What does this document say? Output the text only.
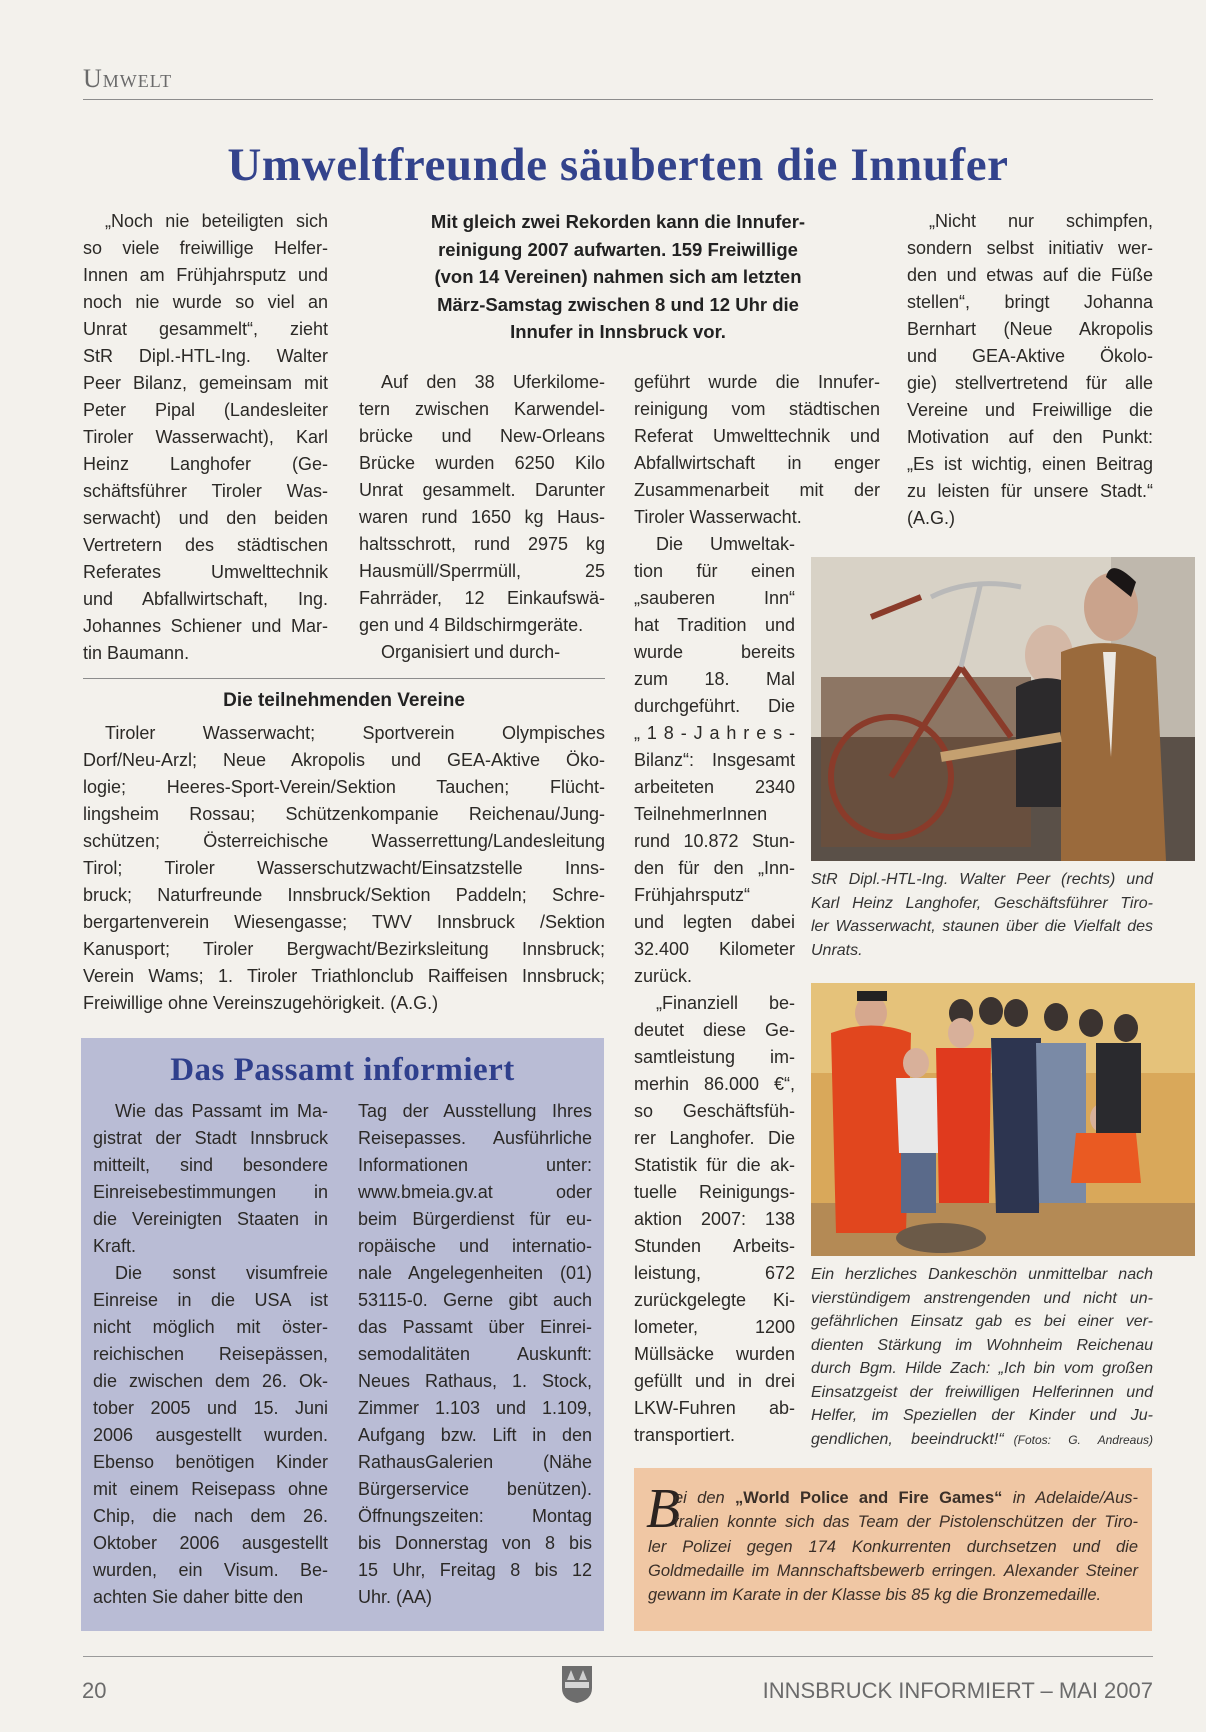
Umwelt
Umweltfreunde säuberten die Innufer
Mit gleich zwei Rekorden kann die Innufer-
reinigung 2007 aufwarten. 159 Freiwillige
(von 14 Vereinen) nahmen sich am letzten
März-Samstag zwischen 8 und 12 Uhr die
Innufer in Innsbruck vor.
„Noch nie beteiligten sich
so viele freiwillige Helfer-
Innen am Frühjahrsputz und
noch nie wurde so viel an
Unrat gesammelt“, zieht
StR Dipl.-HTL-Ing. Walter
Peer Bilanz, gemeinsam mit
Peter Pipal (Landesleiter
Tiroler Wasserwacht), Karl
Heinz Langhofer (Ge-
schäftsführer Tiroler Was-
serwacht) und den beiden
Vertretern des städtischen
Referates Umwelttechnik
und Abfallwirtschaft, Ing.
Johannes Schiener und Mar-
tin Baumann.
Auf den 38 Uferkilome-
tern zwischen Karwendel-
brücke und New-Orleans
Brücke wurden 6250 Kilo
Unrat gesammelt. Darunter
waren rund 1650 kg Haus-
haltsschrott, rund 2975 kg
Hausmüll/Sperrmüll, 25
Fahrräder, 12 Einkaufswä-
gen und 4 Bildschirmgeräte.
Organisiert und durch-
geführt wurde die Innufer-
reinigung vom städtischen
Referat Umwelttechnik und
Abfallwirtschaft in enger
Zusammenarbeit mit der
Tiroler Wasserwacht.
Die Umweltak-
tion für einen
„sauberen Inn“
hat Tradition und
wurde bereits
zum 18. Mal
durchgeführt. Die
„ 1 8 - J a h r e s -
Bilanz“: Insgesamt
arbeiteten 2340
TeilnehmerInnen
rund 10.872 Stun-
den für den „Inn-
Frühjahrsputz“
und legten dabei
32.400 Kilometer
zurück.
„Finanziell be-
deutet diese Ge-
samtleistung im-
merhin 86.000 €“,
so Geschäftsfüh-
rer Langhofer. Die
Statistik für die ak-
tuelle Reinigungs-
aktion 2007: 138
Stunden Arbeits-
leistung, 672
zurückgelegte Ki-
lometer, 1200
Müllsäcke wurden
gefüllt und in drei
LKW-Fuhren ab-
transportiert.
„Nicht nur schimpfen,
sondern selbst initiativ wer-
den und etwas auf die Füße
stellen“, bringt Johanna
Bernhart (Neue Akropolis
und GEA-Aktive Ökolo-
gie) stellvertretend für alle
Vereine und Freiwillige die
Motivation auf den Punkt:
„Es ist wichtig, einen Beitrag
zu leisten für unsere Stadt.“
(A.G.)
Die teilnehmenden Vereine
Tiroler Wasserwacht; Sportverein Olympisches
Dorf/Neu-Arzl; Neue Akropolis und GEA-Aktive Öko-
logie; Heeres-Sport-Verein/Sektion Tauchen; Flücht-
lingsheim Rossau; Schützenkompanie Reichenau/Jung-
schützen; Österreichische Wasserrettung/Landesleitung
Tirol; Tiroler Wasserschutzwacht/Einsatzstelle Inns-
bruck; Naturfreunde Innsbruck/Sektion Paddeln; Schre-
bergartenverein Wiesengasse; TWV Innsbruck /Sektion
Kanusport; Tiroler Bergwacht/Bezirksleitung Innsbruck;
Verein Wams; 1. Tiroler Triathlonclub Raiffeisen Innsbruck;
Freiwillige ohne Vereinszugehörigkeit. (A.G.)
StR Dipl.-HTL-Ing. Walter Peer (rechts) und
Karl Heinz Langhofer, Geschäftsführer Tiro-
ler Wasserwacht, staunen über die Vielfalt des
Unrats.
Ein herzliches Dankeschön unmittelbar nach
vierstündigem anstrengenden und nicht un-
gefährlichen Einsatz gab es bei einer ver-
dienten Stärkung im Wohnheim Reichenau
durch Bgm. Hilde Zach: „Ich bin vom großen
Einsatzgeist der freiwilligen Helferinnen und
Helfer, im Speziellen der Kinder und Ju-
gendlichen, beeindruckt!“ (Fotos: G. Andreaus)
Das Passamt informiert
Wie das Passamt im Ma-
gistrat der Stadt Innsbruck
mitteilt, sind besondere
Einreisebestimmungen in
die Vereinigten Staaten in
Kraft.
Die sonst visumfreie
Einreise in die USA ist
nicht möglich mit öster-
reichischen Reisepässen,
die zwischen dem 26. Ok-
tober 2005 und 15. Juni
2006 ausgestellt wurden.
Ebenso benötigen Kinder
mit einem Reisepass ohne
Chip, die nach dem 26.
Oktober 2006 ausgestellt
wurden, ein Visum. Be-
achten Sie daher bitte den
Tag der Ausstellung Ihres
Reisepasses. Ausführliche
Informationen unter:
www.bmeia.gv.at oder
beim Bürgerdienst für eu-
ropäische und internatio-
nale Angelegenheiten (01)
53115-0. Gerne gibt auch
das Passamt über Einrei-
semodalitäten Auskunft:
Neues Rathaus, 1. Stock,
Zimmer 1.103 und 1.109,
Aufgang bzw. Lift in den
RathausGalerien (Nähe
Bürgerservice benützen).
Öffnungszeiten: Montag
bis Donnerstag von 8 bis
15 Uhr, Freitag 8 bis 12
Uhr. (AA)
B
ei den „World Police and Fire Games“ in Adelaide/Aus-
tralien konnte sich das Team der Pistolenschützen der Tiro-
ler Polizei gegen 174 Konkurrenten durchsetzen und die
Goldmedaille im Mannschaftsbewerb erringen. Alexander Steiner
gewann im Karate in der Klasse bis 85 kg die Bronzemedaille.
20	INNSBRUCK INFORMIERT – MAI 2007
